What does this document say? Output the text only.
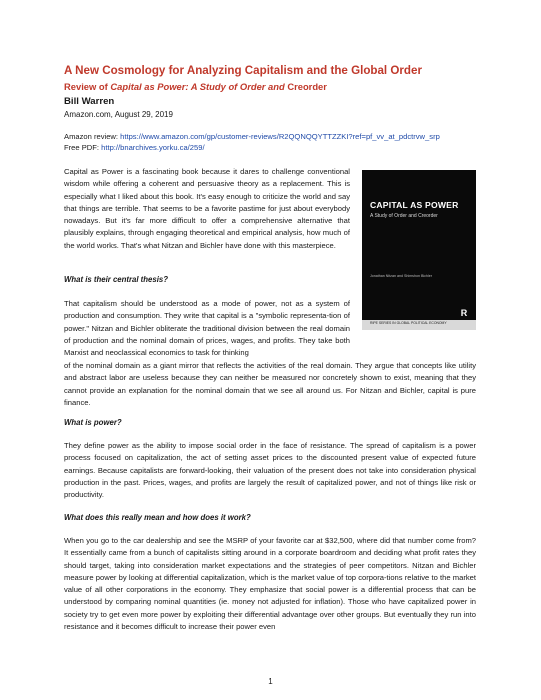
A New Cosmology for Analyzing Capitalism and the Global Order
Review of Capital as Power: A Study of Order and Creorder
Bill Warren
Amazon.com, August 29, 2019
Amazon review: https://www.amazon.com/gp/customer-reviews/R2QQNQQYTTZZKI?ref=pf_vv_at_pdctrvw_srp
Free PDF: http://bnarchives.yorku.ca/259/

Capital as Power is a fascinating book because it dares to challenge conventional wisdom while offering a coherent and persuasive theory as a replacement. This is especially what I liked about this book. It's easy enough to criticize the world and say that things are terrible. That seems to be a favorite pastime for just about everybody nowadays. But it's far more difficult to offer a comprehensive alternative that plausibly explains, through engaging theoretical and empirical analysis, how much of the world works. That's what Nitzan and Bichler have done with this masterpiece.

CAPITAL AS POWER
A Study of Order and Creorder
Jonathan Nitzan and Shimshon Bichler
R
RIPE SERIES IN GLOBAL POLITICAL ECONOMY
What is their central thesis?

That capitalism should be understood as a mode of power, not as a system of production and consumption. They write that capital is a "symbolic representa-tion of power." Nitzan and Bichler obliterate the traditional division between the real domain of production and the nominal domain of prices, wages, and profits. They take both Marxist and neoclassical economics to task for thinking

of the nominal domain as a giant mirror that reflects the activities of the real domain. They argue that concepts like utility and abstract labor are useless because they can neither be measured nor concretely shown to exist, meaning that they cannot provide an explanation for the nominal domain that we see all around us. For Nitzan and Bichler, capital is pure finance.

What is power?

They define power as the ability to impose social order in the face of resistance. The spread of capitalism is a power process focused on capitalization, the act of setting asset prices to the discounted present value of expected future earnings. Because capitalists are forward-looking, their valuation of the present does not take into consideration physical production in the past. Prices, wages, and profits are largely the result of capitalized power, and not of things like risk or productivity.

What does this really mean and how does it work?

When you go to the car dealership and see the MSRP of your favorite car at $32,500, where did that number come from? It essentially came from a bunch of capitalists sitting around in a corporate boardroom and deciding what profit rates they should target, taking into consideration market expectations and the strategies of peer competitors. Nitzan and Bichler measure power by looking at differential capitalization, which is the market value of top corpora-tions relative to the market value of all other corporations in the economy. They emphasize that social power is a differential process that can be understood by comparing nominal quantities (ie. money not adjusted for inflation). Those who have capitalized power in society try to get even more power by exploiting their differential advantage over other groups. But eventually they run into resistance and it becomes difficult to increase their power even

1
